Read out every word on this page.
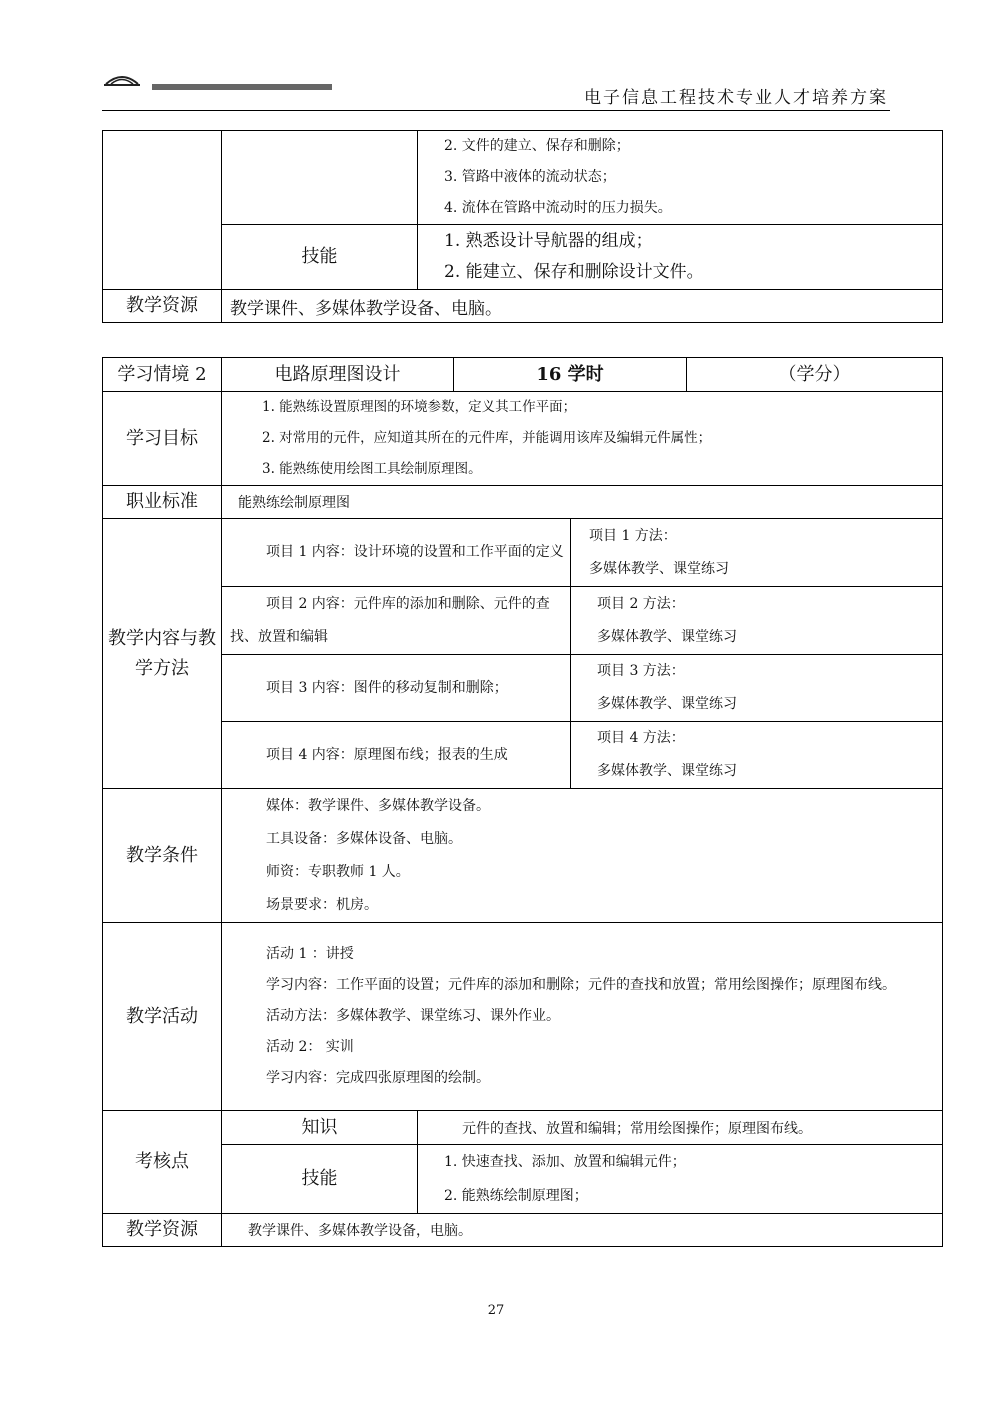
电子信息工程技术专业人才培养方案

		2. 文件的建立、保存和删除；
3. 管路中液体的流动状态；
4. 流体在管路中流动时的压力损失。

	技能	1. 熟悉设计导航器的组成；
2. 能建立、保存和删除设计文件。

教学资源	教学课件、多媒体教学设备、电脑。	
学习情境 2	电路原理图设计		16 学时		（学分）
学习目标	1. 能熟练设置原理图的环境参数，定义其工作平面；
2. 对常用的元件，应知道其所在的元件库，并能调用该库及编辑元件属性；
3. 能熟练使用绘图工具绘制原理图。				

职业标准	能熟练绘制原理图				
教学内容与教学方法	项目 1 内容：设计环境的设置和工作平面的定义			项目 1 方法：
多媒体教学、课堂练习	

	项目 2 内容：元件库的添加和删除、元件的查找、放置和编辑			项目 2 方法：
多媒体教学、课堂练习	

	项目 3 内容：图件的移动复制和删除；			项目 3 方法：
多媒体教学、课堂练习	

	项目 4 内容：原理图布线；报表的生成			项目 4 方法：
多媒体教学、课堂练习	

教学条件	媒体：教学课件、多媒体教学设备。
工具设备：多媒体设备、电脑。
师资：专职教师 1 人。
场景要求：机房。				

教学活动	活动 1 ：讲授
学习内容：工作平面的设置；元件库的添加和删除；元件的查找和放置；常用绘图操作；原理图布线。
活动方法：多媒体教学、课堂练习、课外作业。
活动 2： 实训
学习内容：完成四张原理图的绘制。				

考核点	知识	元件的查找、放置和编辑；常用绘图操作；原理图布线。			
	技能	1. 快速查找、添加、放置和编辑元件；
2. 能熟练绘制原理图；			

教学资源	教学课件、多媒体教学设备，电脑。				
27
